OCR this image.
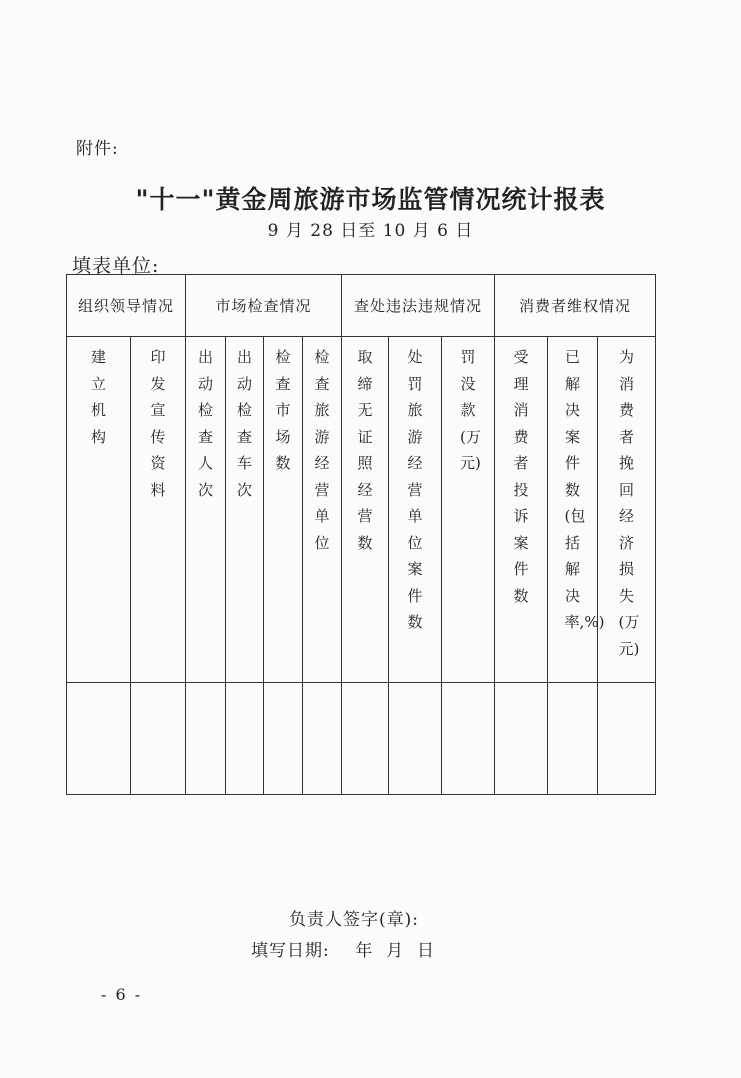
附件:
"十一"黄金周旅游市场监管情况统计报表
9 月 28 日至 10 月 6 日
填表单位:
组织领导情况		市场检查情况				查处违法违规情况			消费者维权情况		
建立机构	印发宣传资料	出动检查人次	出动检查车次	检查市场数	检查旅游经营单位	取缔无证照经营数	处罚旅游经营单位案件数	罚没款(万元)	受理消费者投诉案件数	已解决案件数(包括解决率,%)	为消费者挽回经济损失 (万元)

负责人签字(章):
填写日期:    年  月  日
- 6 -
